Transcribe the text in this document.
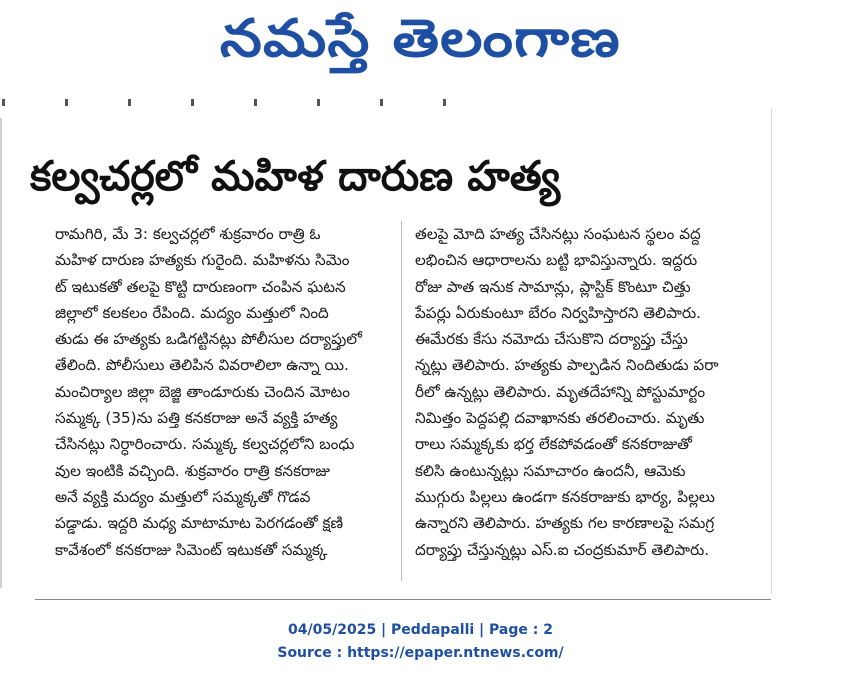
నమస్తే తెలంగాణ
కల్వచర్లలో మహిళ దారుణ హత్య
రామగిరి, మే 3: కల్వచర్లలో శుక్రవారం రాత్రి ఓ
మహిళ దారుణ హత్యకు గురైంది. మహిళను సిమెం
ట్ ఇటుకతో తలపై కొట్టి దారుణంగా చంపిన ఘటన
జిల్లాలో కలకలం రేపింది. మద్యం మత్తులో నింది
తుడు ఈ హత్యకు ఒడిగట్టినట్లు పోలీసుల దర్యాప్తులో
తేలింది. పోలీసులు తెలిపిన వివరాలిలా ఉన్నా యి.
మంచిర్యాల జిల్లా బెజ్జి తాండూరుకు చెందిన మోటం
సమ్మక్క (35)ను పత్తి కనకరాజు అనే వ్యక్తి హత్య
చేసినట్లు నిర్ధారించారు. సమ్మక్క కల్వచర్లలోని బంధు
వుల ఇంటికి వచ్చింది. శుక్రవారం రాత్రి కనకరాజు
అనే వ్యక్తి మద్యం మత్తులో సమ్మక్కతో గొడవ
పడ్డాడు. ఇద్దరి మధ్య మాటామాట పెరగడంతో క్షణి
కావేశంలో కనకరాజు సిమెంట్ ఇటుకతో సమ్మక్క
తలపై మోది హత్య చేసినట్లు సంఘటన స్థలం వద్ద
లభించిన ఆధారాలను బట్టి భావిస్తున్నారు. ఇద్దరు
రోజు పాత ఇనుక సామాన్లు, ప్లాస్టిక్ కొంటూ చిత్తు
పేపర్లు ఏరుకుంటూ బేరం నిర్వహిస్తారని తెలిపారు.
ఈమేరకు కేసు నమోదు చేసుకొని దర్యాప్తు చేస్తు
న్నట్లు తెలిపారు. హత్యకు పాల్పడిన నిందితుడు పరా
రీలో ఉన్నట్లు తెలిపారు. మృతదేహాన్ని పోస్టుమార్టం
నిమిత్తం పెద్దపల్లి దవాఖానకు తరలించారు. మృతు
రాలు సమ్మక్కకు భర్త లేకపోవడంతో కనకరాజుతో
కలిసి ఉంటున్నట్లు సమాచారం ఉందనీ, ఆమెకు
ముగ్గురు పిల్లలు ఉండగా కనకరాజుకు భార్య, పిల్లలు
ఉన్నారని తెలిపారు. హత్యకు గల కారణాలపై సమగ్ర
దర్యాప్తు చేస్తున్నట్లు ఎస్.ఐ చంద్రకుమార్ తెలిపారు.
04/05/2025 | Peddapalli | Page : 2
Source : https://epaper.ntnews.com/
